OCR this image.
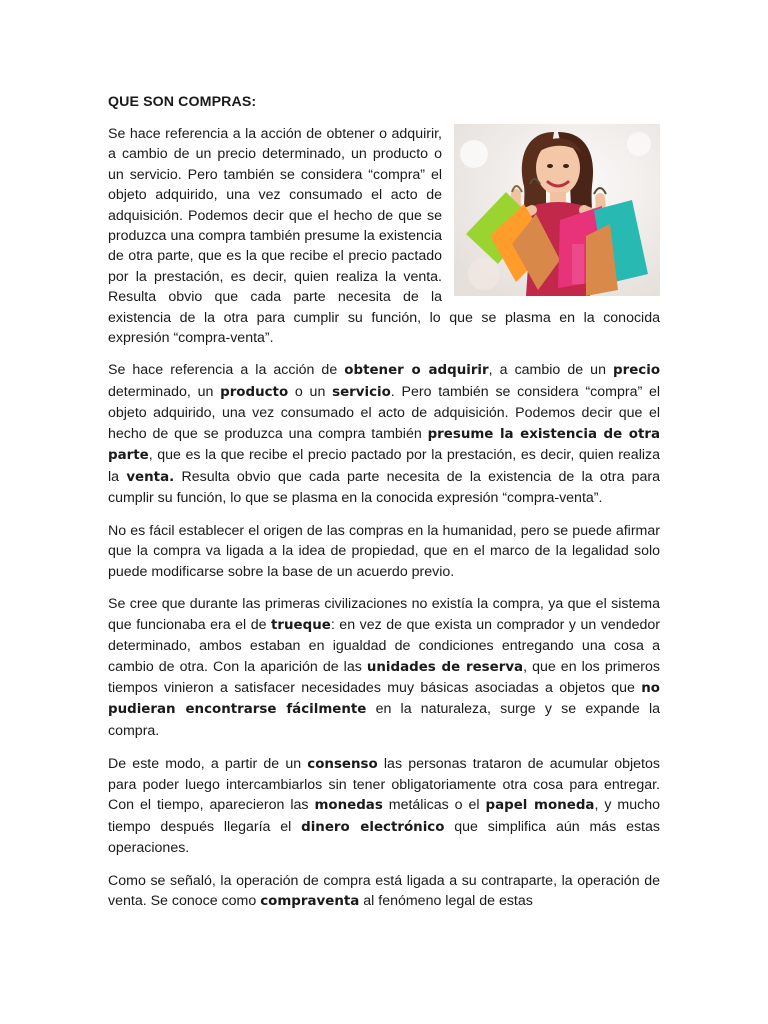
QUE SON COMPRAS:
Se hace referencia a la acción de obtener o adquirir, a cambio de un precio determinado, un producto o un servicio. Pero también se considera “compra” el objeto adquirido, una vez consumado el acto de adquisición. Podemos decir que el hecho de que se produzca una compra también presume la existencia de otra parte, que es la que recibe el precio pactado por la prestación, es decir, quien realiza la venta. Resulta obvio que cada parte necesita de la existencia de la otra para cumplir su función, lo que se plasma en la conocida expresión “compra-venta”.
Se hace referencia a la acción de obtener o adquirir, a cambio de un precio determinado, un producto o un servicio. Pero también se considera “compra” el objeto adquirido, una vez consumado el acto de adquisición. Podemos decir que el hecho de que se produzca una compra también presume la existencia de otra parte, que es la que recibe el precio pactado por la prestación, es decir, quien realiza la venta. Resulta obvio que cada parte necesita de la existencia de la otra para cumplir su función, lo que se plasma en la conocida expresión “compra-venta”.
No es fácil establecer el origen de las compras en la humanidad, pero se puede afirmar que la compra va ligada a la idea de propiedad, que en el marco de la legalidad solo puede modificarse sobre la base de un acuerdo previo.
Se cree que durante las primeras civilizaciones no existía la compra, ya que el sistema que funcionaba era el de trueque: en vez de que exista un comprador y un vendedor determinado, ambos estaban en igualdad de condiciones entregando una cosa a cambio de otra. Con la aparición de las unidades de reserva, que en los primeros tiempos vinieron a satisfacer necesidades muy básicas asociadas a objetos que no pudieran encontrarse fácilmente en la naturaleza, surge y se expande la compra.
De este modo, a partir de un consenso las personas trataron de acumular objetos para poder luego intercambiarlos sin tener obligatoriamente otra cosa para entregar. Con el tiempo, aparecieron las monedas metálicas o el papel moneda, y mucho tiempo después llegaría el dinero electrónico que simplifica aún más estas operaciones.
Como se señaló, la operación de compra está ligada a su contraparte, la operación de venta. Se conoce como compraventa al fenómeno legal de estas
